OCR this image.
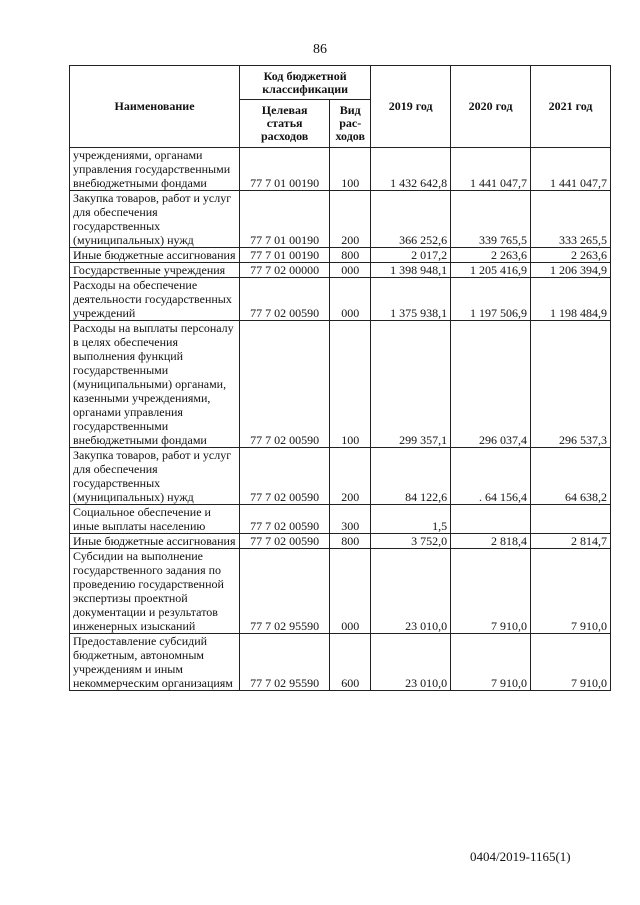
86
Наименование	Код бюджетной классификации		2019 год	2020 год	2021 год
	Целевая статья расходов	Вид рас-ходов			
учреждениями, органами управления государственными внебюджетными фондами	77 7 01 00190	100	1 432 642,8	1 441 047,7	1 441 047,7
Закупка товаров, работ и услуг для обеспечения государственных (муниципальных) нужд	77 7 01 00190	200	366 252,6	339 765,5	333 265,5
Иные бюджетные ассигнования	77 7 01 00190	800	2 017,2	2 263,6	2 263,6
Государственные учреждения	77 7 02 00000	000	1 398 948,1	1 205 416,9	1 206 394,9
Расходы на обеспечение деятельности государственных учреждений	77 7 02 00590	000	1 375 938,1	1 197 506,9	1 198 484,9
Расходы на выплаты персоналу в целях обеспечения выполнения функций государственными (муниципальными) органами, казенными учреждениями, органами управления государственными внебюджетными фондами	77 7 02 00590	100	299 357,1	296 037,4	296 537,3
Закупка товаров, работ и услуг для обеспечения государственных (муниципальных) нужд	77 7 02 00590	200	84 122,6	. 64 156,4	64 638,2
Социальное обеспечение и иные выплаты населению	77 7 02 00590	300	1,5		
Иные бюджетные ассигнования	77 7 02 00590	800	3 752,0	2 818,4	2 814,7
Субсидии на выполнение государственного задания по проведению государственной экспертизы проектной документации и результатов инженерных изысканий	77 7 02 95590	000	23 010,0	7 910,0	7 910,0
Предоставление субсидий бюджетным, автономным учреждениям и иным некоммерческим организациям	77 7 02 95590	600	23 010,0	7 910,0	7 910,0
0404/2019-1165(1)
